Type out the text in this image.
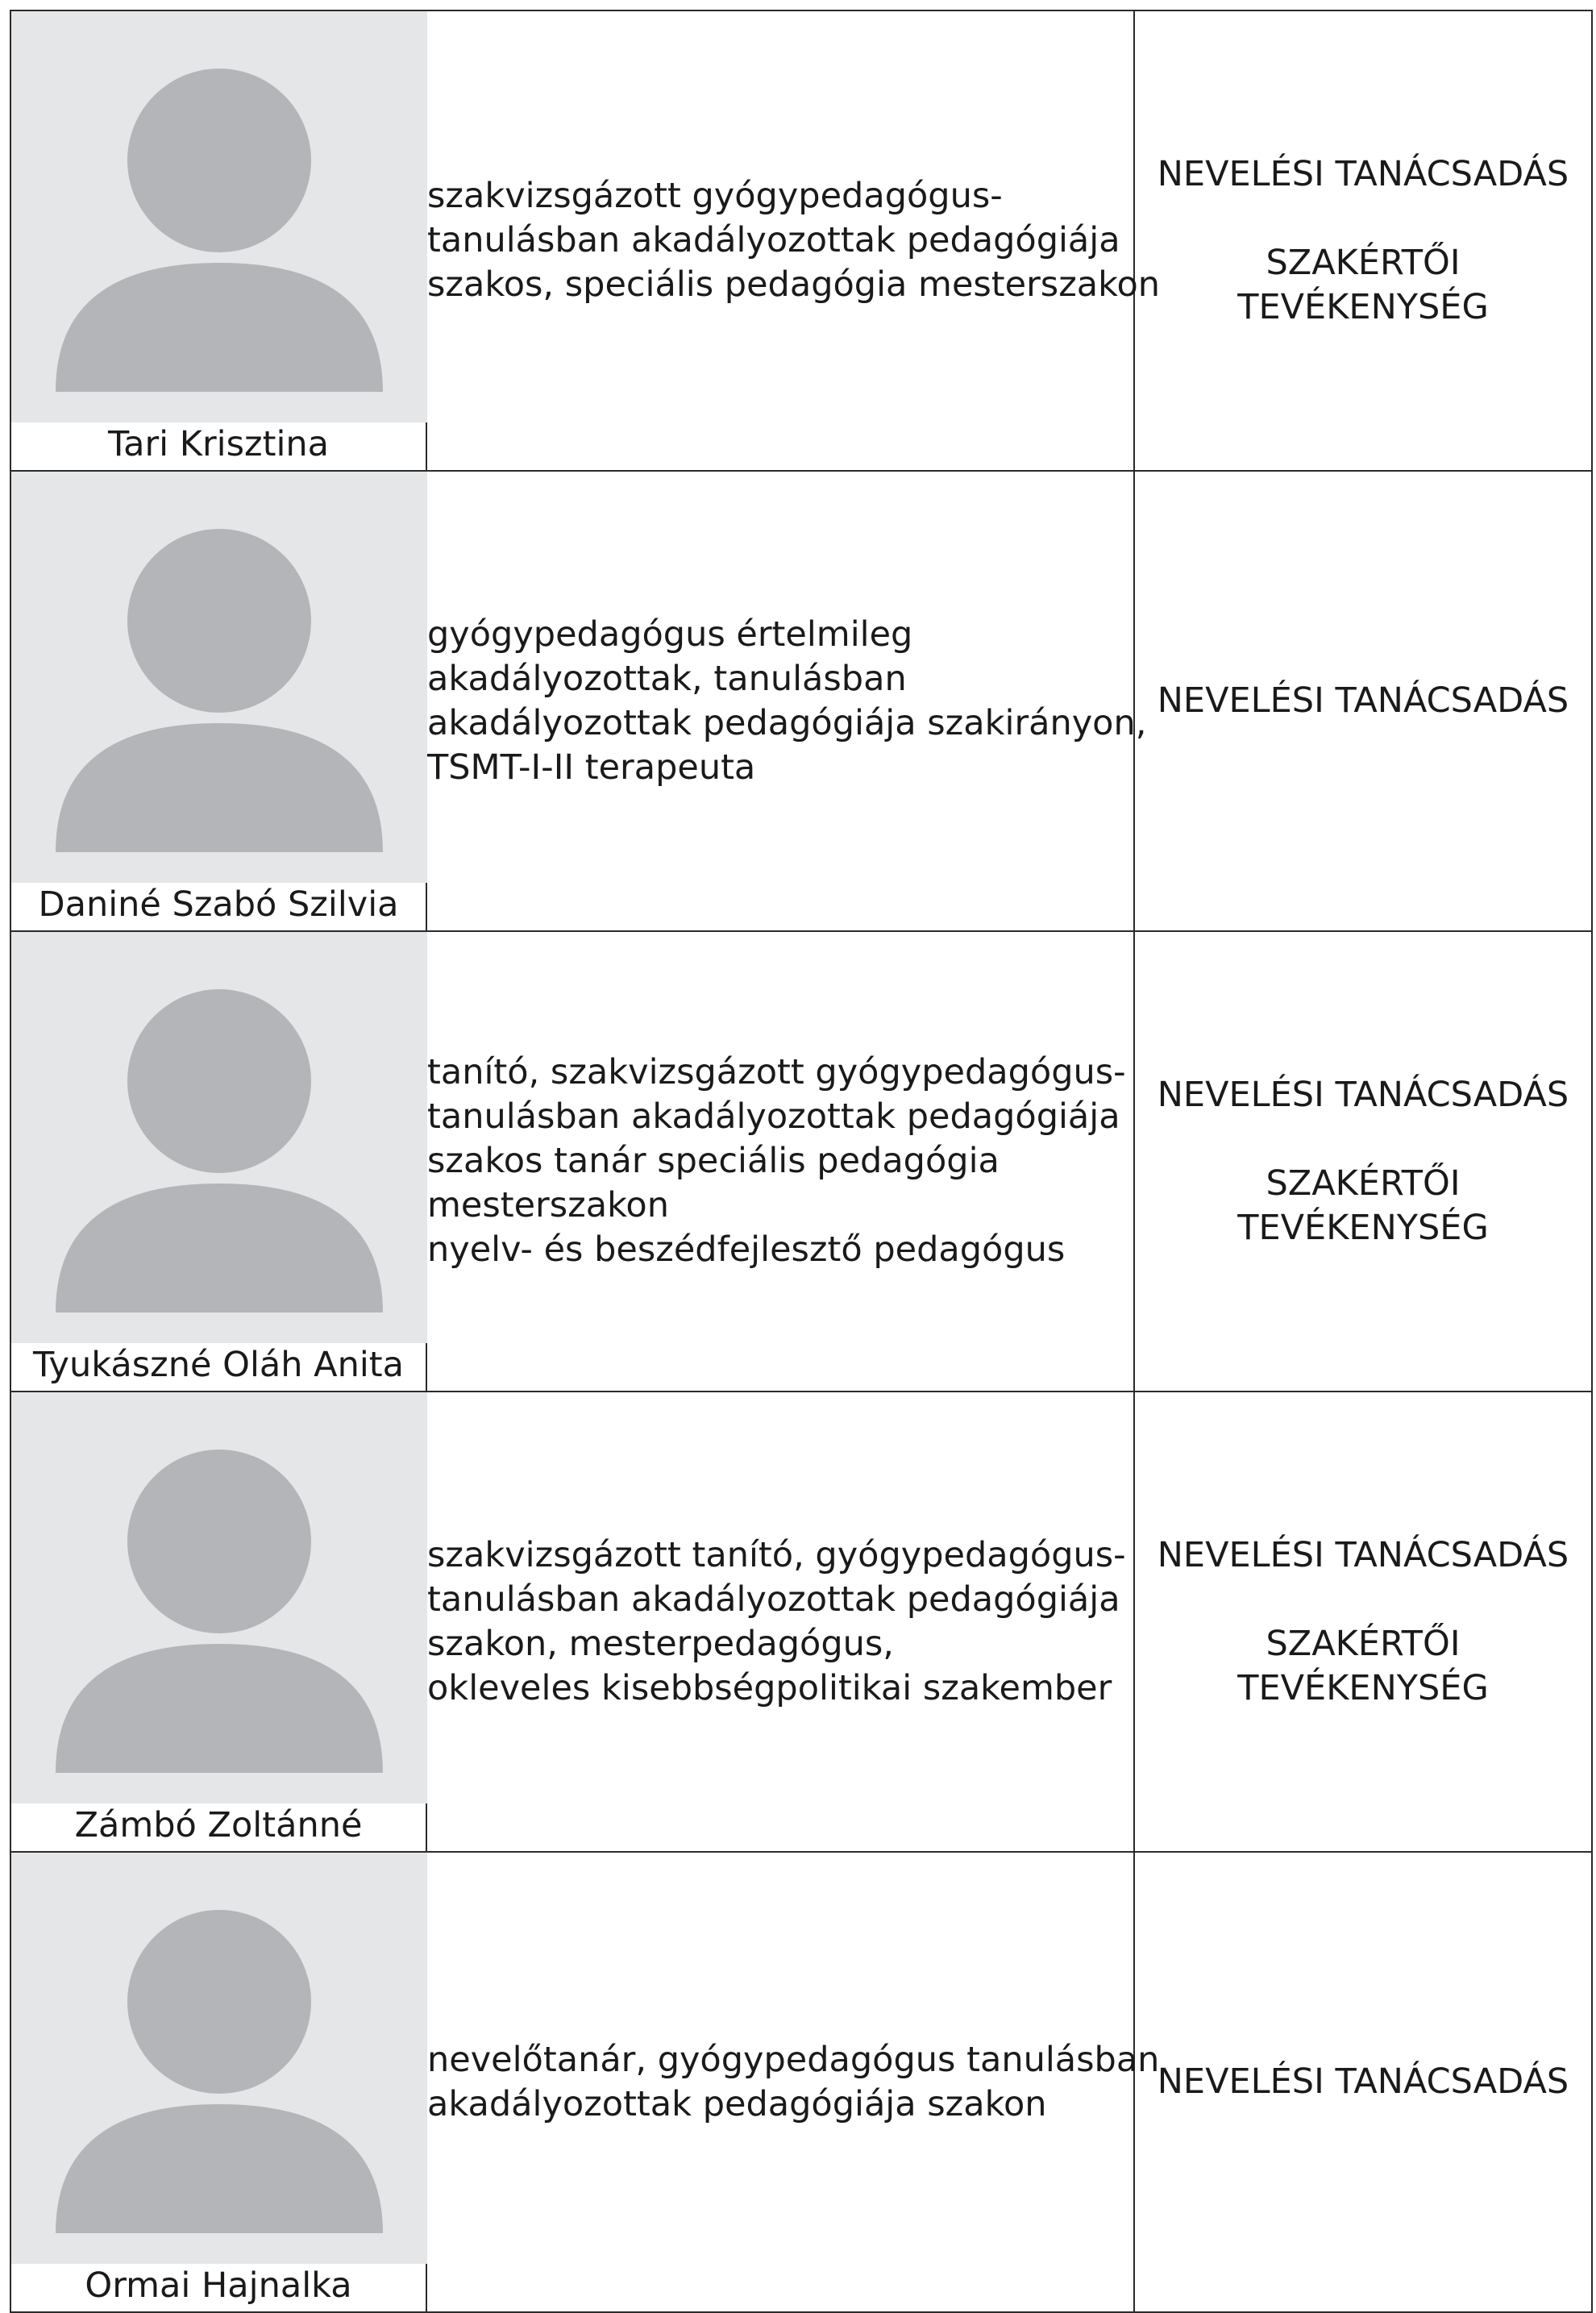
Tari Krisztina	szakvizsgázott gyógypedagógus-
tanulásban akadályozottak pedagógiája
szakos, speciális pedagógia mesterszakon	NEVELÉSI TANÁCSADÁS
SZAKÉRTŐI
TEVÉKENYSÉG

Daniné Szabó Szilvia	gyógypedagógus értelmileg
akadályozottak, tanulásban
akadályozottak pedagógiája szakirányon,
TSMT-I-II terapeuta	NEVELÉSI TANÁCSADÁS

Tyukászné Oláh Anita	tanító, szakvizsgázott gyógypedagógus-
tanulásban akadályozottak pedagógiája
szakos tanár speciális pedagógia
mesterszakon
nyelv- és beszédfejlesztő pedagógus	NEVELÉSI TANÁCSADÁS
SZAKÉRTŐI
TEVÉKENYSÉG

Zámbó Zoltánné	szakvizsgázott tanító, gyógypedagógus-
tanulásban akadályozottak pedagógiája
szakon, mesterpedagógus,
okleveles kisebbségpolitikai szakember	NEVELÉSI TANÁCSADÁS
SZAKÉRTŐI
TEVÉKENYSÉG

Ormai Hajnalka	nevelőtanár, gyógypedagógus tanulásban
akadályozottak pedagógiája szakon	NEVELÉSI TANÁCSADÁS
